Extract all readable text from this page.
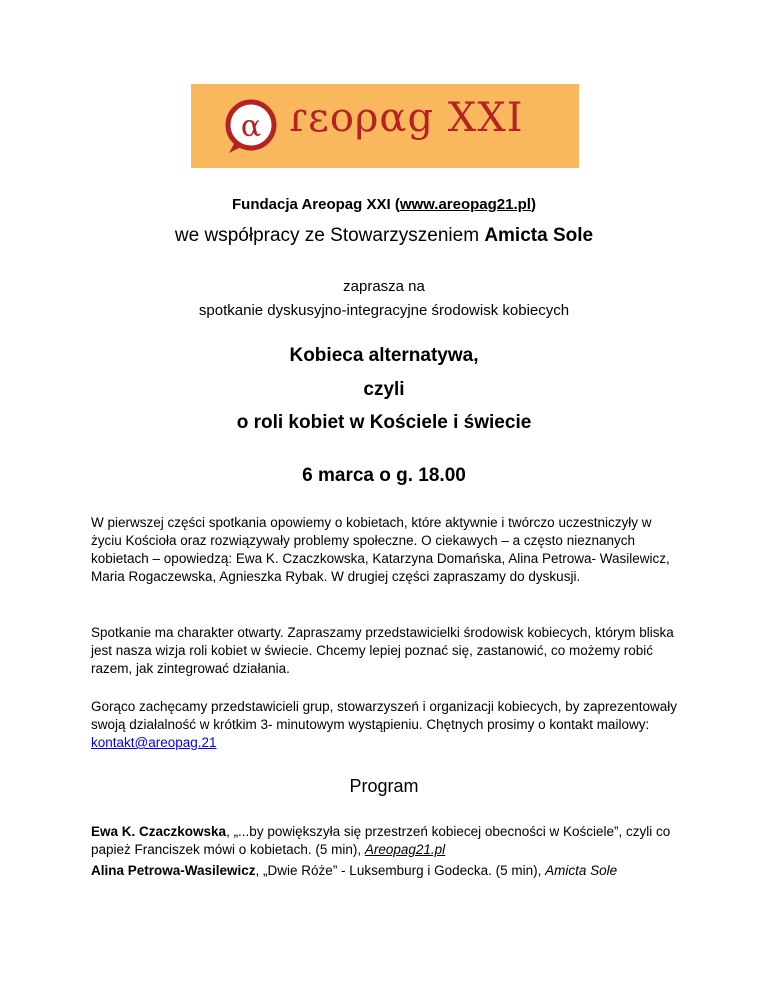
α ɾεοραg XXI
Fundacja Areopag XXI (www.areopag21.pl)
we współpracy ze Stowarzyszeniem Amicta Sole
zaprasza na
spotkanie dyskusyjno-integracyjne środowisk kobiecych
Kobieca alternatywa,
czyli
o roli kobiet w Kościele i świecie
6 marca o g. 18.00
W pierwszej części spotkania opowiemy o kobietach, które aktywnie i twórczo uczestniczyły w życiu Kościoła oraz rozwiązywały problemy społeczne. O ciekawych – a często nieznanych kobietach – opowiedzą: Ewa K. Czaczkowska, Katarzyna Domańska, Alina Petrowa- Wasilewicz, Maria Rogaczewska, Agnieszka Rybak. W drugiej części zapraszamy do dyskusji.
Spotkanie ma charakter otwarty. Zapraszamy przedstawicielki środowisk kobiecych, którym bliska jest nasza wizja roli kobiet w świecie. Chcemy lepiej poznać się, zastanowić, co możemy robić razem, jak zintegrować działania.
Gorąco zachęcamy przedstawicieli grup, stowarzyszeń i organizacji kobiecych, by zaprezentowały swoją działalność w krótkim 3- minutowym wystąpieniu. Chętnych prosimy o kontakt mailowy: kontakt@areopag.21
Program
Ewa K. Czaczkowska, „...by powiększyła się przestrzeń kobiecej obecności w Kościele”, czyli co papież Franciszek mówi o kobietach. (5 min), Areopag21.pl
Alina Petrowa-Wasilewicz, „Dwie Róże” - Luksemburg i Godecka. (5 min), Amicta Sole
